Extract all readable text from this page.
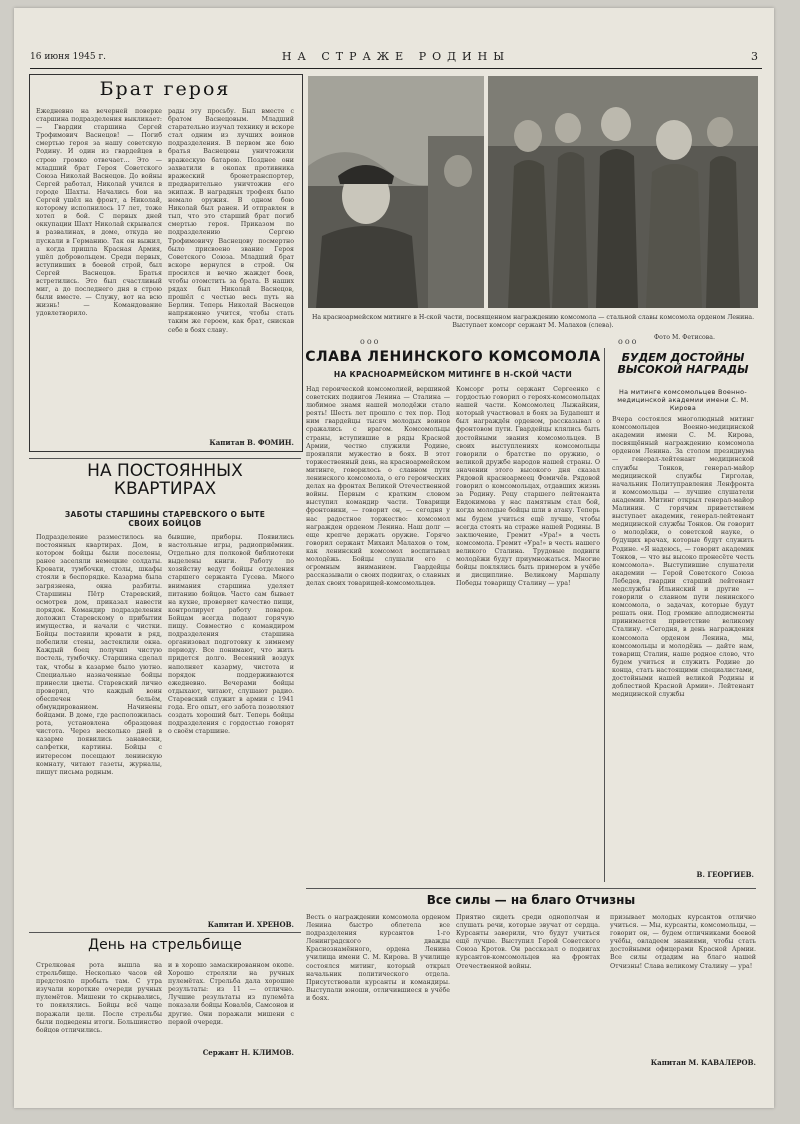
16 июня 1945 г.	НА СТРАЖЕ РОДИНЫ	3
Брат героя
Ежедневно на вечерней поверке старшина подразделения выкликает: — Гвардии старшина Сергей Трофимович Васнецов! — Погиб смертью героя за нашу советскую Родину. И один из гвардейцев в строю громко отвечает… Это — младший брат Героя Советского Союза Николай Васнецов. До войны Сергей работал, Николай учился в городе Шахты. Начались бои на Сергей ушёл на фронт, а Николай, которому исполнилось 17 лет, тоже хотел в бой. С первых дней оккупации Шахт Николай скрывался в развалинах, в доме, откуда не пускали в Германию. Так он выжил, а когда пришла Красная Армия, ушёл добровольцем. Среди первых, вступивших в боевой строй, был Сергей Васнецов. Братья встретились. Это был счастливый миг, а до последнего дня в строю были вместе. — Служу, вот на всю жизнь! — Командование удовлетворило.
рады эту просьбу. Был вместе с братом Васнецовым. Младший старательно изучал технику и вскоре стал одним из лучших воинов подразделения. В первом же бою братья Васнецовы уничтожили вражескую батарею. Позднее они захватили в окопах противника вражеский бронетранспортер, предварительно уничтожив его экипаж. В наградных трофеях было немало оружия. В одном бою Николай был ранен. И отправлен в тыл, что это старший брат погиб смертью героя. Приказом по подразделению Сергею Трофимовичу Васнецову посмертно было присвоено звание Героя Советского Союза. Младший брат вскоре вернулся в строй. Он просился и вечно жаждет боев, чтобы отомстить за брата. В наших рядах был Николай Васнецов, прошёл с честью весь путь на Берлин. Теперь Николай Васнецов напряженно учится, чтобы стать таким же героем, как брат, снискав себе в боях славу.
Капитан В. ФОМИН.
На красноармейском митинге в Н-ской части, посвященном награждению комсомола — стальной славы комсомола орденом Ленина. Выступает комсорг сержант М. Малахов (слева).
Фото М. Фетисова.
ооо	ооо
СЛАВА ЛЕНИНСКОГО КОМСОМОЛА
НА КРАСНОАРМЕЙСКОМ МИТИНГЕ В Н-СКОЙ ЧАСТИ
Над героической комсомолией, вершиной советских подвигов Ленина — Сталина — любимое знамя нашей молодёжи стало реять! Шесть лет прошло с тех пор. Под ним гвардейцы тысяч молодых воинов сражались с врагом. Комсомольцы страны, вступившие в ряды Красной Армии, честно служили Родине, проявляли мужество в боях. В этот торжественный день, на красноармейском митинге, говорилось о славном пути ленинского комсомола, о его героических делах на фронтах Великой Отечественной войны. Первым с кратким словом выступил командир части. Товарищи фронтовики, — говорит он, — сегодня у нас радостное торжество: комсомол награжден орденом Ленина. Наш долг — еще крепче держать оружие. Горячо говорил сержант Михаил Малахов о том, как ленинский комсомол воспитывал молодёжь. Бойцы слушали его с огромным вниманием. Гвардейцы рассказывали о своих подвигах, о славных делах своих товарищей-комсомольцев.
Комсорг роты сержант Сергеенко с гордостью говорил о героях-комсомольцах нашей части. Комсомолец Лыжайкин, который участвовал в боях за Будапешт и был награждён орденом, рассказывал о фронтовом пути. Гвардейцы клялись быть достойными звания комсомольцев. В своих выступлениях комсомольцы говорили о братстве по оружию, о великой дружбе народов нашей страны. О значении этого высокого дня сказал Рядовой красноармеец Фомичёв. Рядовой говорил о комсомольцах, отдавших жизнь за Родину. Рецу старшего лейтенанта Евдокимова у нас памятным стал бой, когда молодые бойцы шли в атаку. Теперь мы будем учиться ещё лучше, чтобы всегда стоять на страже нашей Родины. В заключение, Гремит «Ура!» в честь комсомола. Гремит «Ура!» в честь нашего великого Сталина. Трудовые подвиги молодёжи будут приумножаться. Многие бойцы поклялись быть примером в учёбе и дисциплине. Великому Маршалу Победы товарищу Сталину — ура!
БУДЕМ ДОСТОЙНЫ ВЫСОКОЙ НАГРАДЫ
На митинге комсомольцев Военно-медицинской академии имени С. М. Кирова
Вчера состоялся многолюдный митинг комсомольцев Военно-медицинской академии имени С. М. Кирова, посвящённый награждению комсомола орденом Ленина. За столом президиума — генерал-лейтенант медицинской службы Тонков, генерал-майор медицинской службы Гирголав, начальник Политуправления Ленфронта и комсомольцы — лучшие слушатели академии. Митинг открыл генерал-майор Малинин. С горячим приветствием выступает академик, генерал-лейтенант медицинской службы Тонков. Он говорит о молодёжи, о советской науке, о будущих врачах, которые будут служить Родине. «Я надеюсь, — говорит академик Тонков, — что вы высоко пронесёте честь комсомола». Выступившие слушатели академии — Герой Советского Союза Лебедев, гвардии старший лейтенант медслужбы Ильинский и другие — говорили о славном пути ленинского комсомола, о задачах, которые будут решать они. Под громкие аплодисменты принимается приветствие великому Сталину. «Сегодня, в день награждения комсомола орденом Ленина, мы, комсомольцы и молодёжь — дайте нам, товарищ Сталин, наше родное слово, что будем учиться и служить Родине до конца, стать настоящими специалистами, достойными нашей великой Родины и доблестной Красной Армии». Лейтенант медицинской службы
В. ГЕОРГИЕВ.
НА ПОСТОЯННЫХ КВАРТИРАХ
ЗАБОТЫ СТАРШИНЫ СТАРЕВСКОГО О БЫТЕ СВОИХ БОЙЦОВ
Подразделение разместилось на постоянных квартирах. Дом, в котором бойцы были поселены, ранее заселяли немецкие солдаты. Кровати, тумбочки, столы, шкафы стояли в беспорядке. Казарма была загрязнена, окна разбиты. Старшины Пётр Старевский, осмотрев дом, приказал навести порядок. Командир подразделения доложил Старевскому о прибытии имущества, и начали с чистки. Бойцы поставили кровати в ряд, побелили стены, застеклили окна. Каждый боец получил чистую постель, тумбочку. Старшина сделал так, чтобы в казарме было уютно. Специально назначенные бойцы принесли цветы. Старевский лично проверил, что каждый воин обеспечен бельём, обмундированием. Начинены бойцами. В доме, где расположилась рота, установлена образцовая чистота. Через несколько дней в казарме появились занавески, салфетки, картины. Бойцы с интересом посещают ленинскую комнату, читают газеты, журналы, пишут письма родным.
бывшие, приборы. Появились настольные игры, радиоприёмник. Отдельно для полковой библиотеки выделены книги. Работу по хозяйству ведут бойцы отделения старшего сержанта Гусева. Много внимания старшина уделяет питанию бойцов. Часто сам бывает на кухне, проверяет качество пищи, контролирует работу поваров. Бойцам всегда подают горячую пищу. Совместно с командиром подразделения старшина организовал подготовку к зимнему периоду. Все понимают, что жить придется долго. Весенний воздух наполняет казарму, чистота и порядок поддерживаются ежедневно. Вечерами бойцы отдыхают, читают, слушают радио. Старевский служит в армии с 1941 года. Его опыт, его забота позволяют создать хороший быт. Теперь бойцы подразделения с гордостью говорят о своём старшине.
Капитан И. ХРЕНОВ.
День на стрельбище
Стрелковая рота вышла на стрельбище. Несколько часов ей предстояло пробыть там. С утра изучали короткие очереди ручных пулемётов. Мишени то скрывались, то появлялись. Бойцы всё чаще поражали цели. После стрельбы были подведены итоги. Большинство бойцов отличились.
и в хорошо замаскированном окопе. Хорошо стреляли на ручных пулемётах. Стрельба дала хорошие результаты: из 11 — отлично. Лучшие результаты из пулемёта показали бойцы Ковалёв, Самсонов и другие. Они поражали мишени с первой очереди.
Сержант Н. КЛИМОВ.
Все силы — на благо Отчизны
Весть о награждении комсомола орденом Ленина быстро облетела все подразделения курсантов 1-го Ленинградского дважды Краснознамённого, ордена Ленина училища имени С. М. Кирова. В училище состоялся митинг, который открыл начальник политического отдела. Присутствовали курсанты и командиры. Выступали юноши, отличившиеся в учёбе и боях.
Приятно сидеть среди однополчан и слушать речи, которые звучат от сердца. Курсанты заверили, что будут учиться ещё лучше. Выступил Герой Советского Союза Кротов. Он рассказал о подвигах курсантов-комсомольцев на фронтах Отечественной войны.
призывает молодых курсантов отлично учиться. — Мы, курсанты, комсомольцы, — говорит он, — будем отличниками боевой учёбы, овладеем знаниями, чтобы стать достойными офицерами Красной Армии. Все силы отдадим на благо нашей Отчизны! Слава великому Сталину — ура!
Капитан М. КАВАЛЕРОВ.
